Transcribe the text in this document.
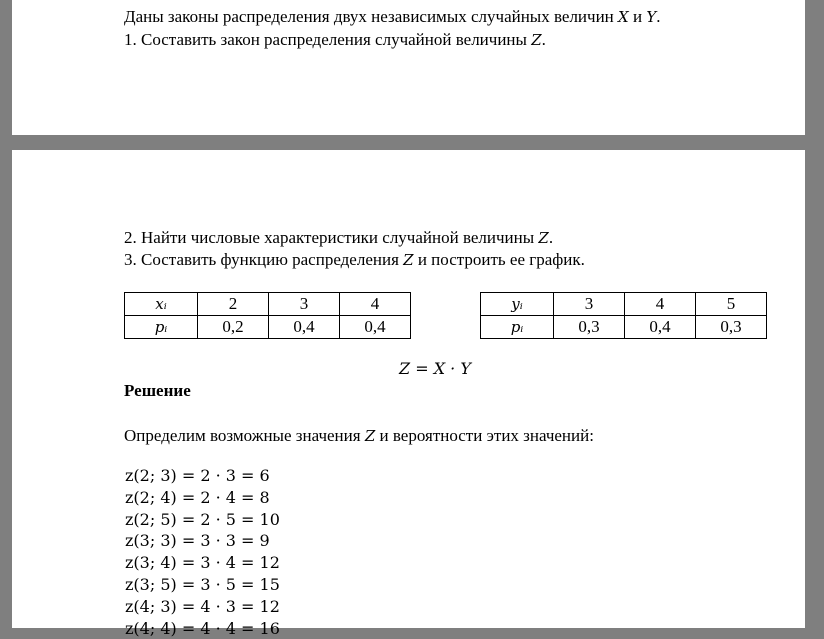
Даны законы распределения двух независимых случайных величин X и Y.
1. Составить закон распределения случайной величины Z.
2. Найти числовые характеристики случайной величины Z.
3. Составить функцию распределения Z и построить ее график.
xᵢ	2	3	4
pᵢ	0,2	0,4	0,4
yᵢ	3	4	5
pᵢ	0,3	0,4	0,3
Z = X · Y
Решение
Определим возможные значения Z и вероятности этих значений:
z(2; 3) = 2 · 3 = 6
z(2; 4) = 2 · 4 = 8
z(2; 5) = 2 · 5 = 10
z(3; 3) = 3 · 3 = 9
z(3; 4) = 3 · 4 = 12
z(3; 5) = 3 · 5 = 15
z(4; 3) = 4 · 3 = 12
z(4; 4) = 4 · 4 = 16
